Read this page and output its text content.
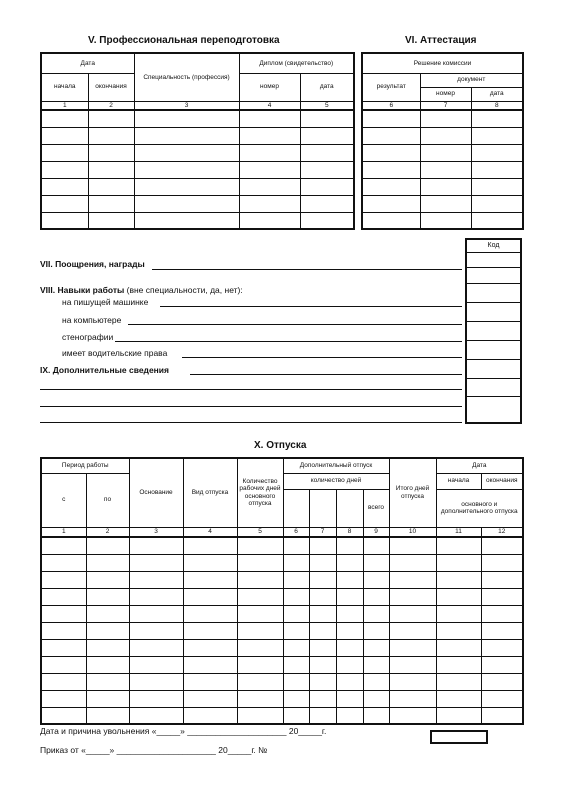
V. Профессиональная переподготовка	VI. Аттестация
Дата		Специальность (профессия)	Диплом (свидетельство)	
начала	окончания		номер	дата
1	2	3	4	5

Решение комиссии		
результат	документ	
	номер	дата
6	7	8

Код
VII. Поощрения, награды
VIII. Навыки работы (вне специальности, да, нет):
на пишущей машинке
на компьютере
стенографии
имеет водительские права
IX. Дополнительные сведения
X. Отпуска
Период работы		Основание	Вид отпуска	Количество рабочих дней основного отпуска	Дополнительный отпуск				Итого дней отпуска	Дата	
с	по				количество дней					начала	окончания
								всего		основного и дополнительного отпуска	
1	2	3	4	5	6	7	8	9	10	11	12

Дата и причина увольнения «_____» _____________________ 20_____г.
Приказ от «_____» _____________________ 20_____г. №
